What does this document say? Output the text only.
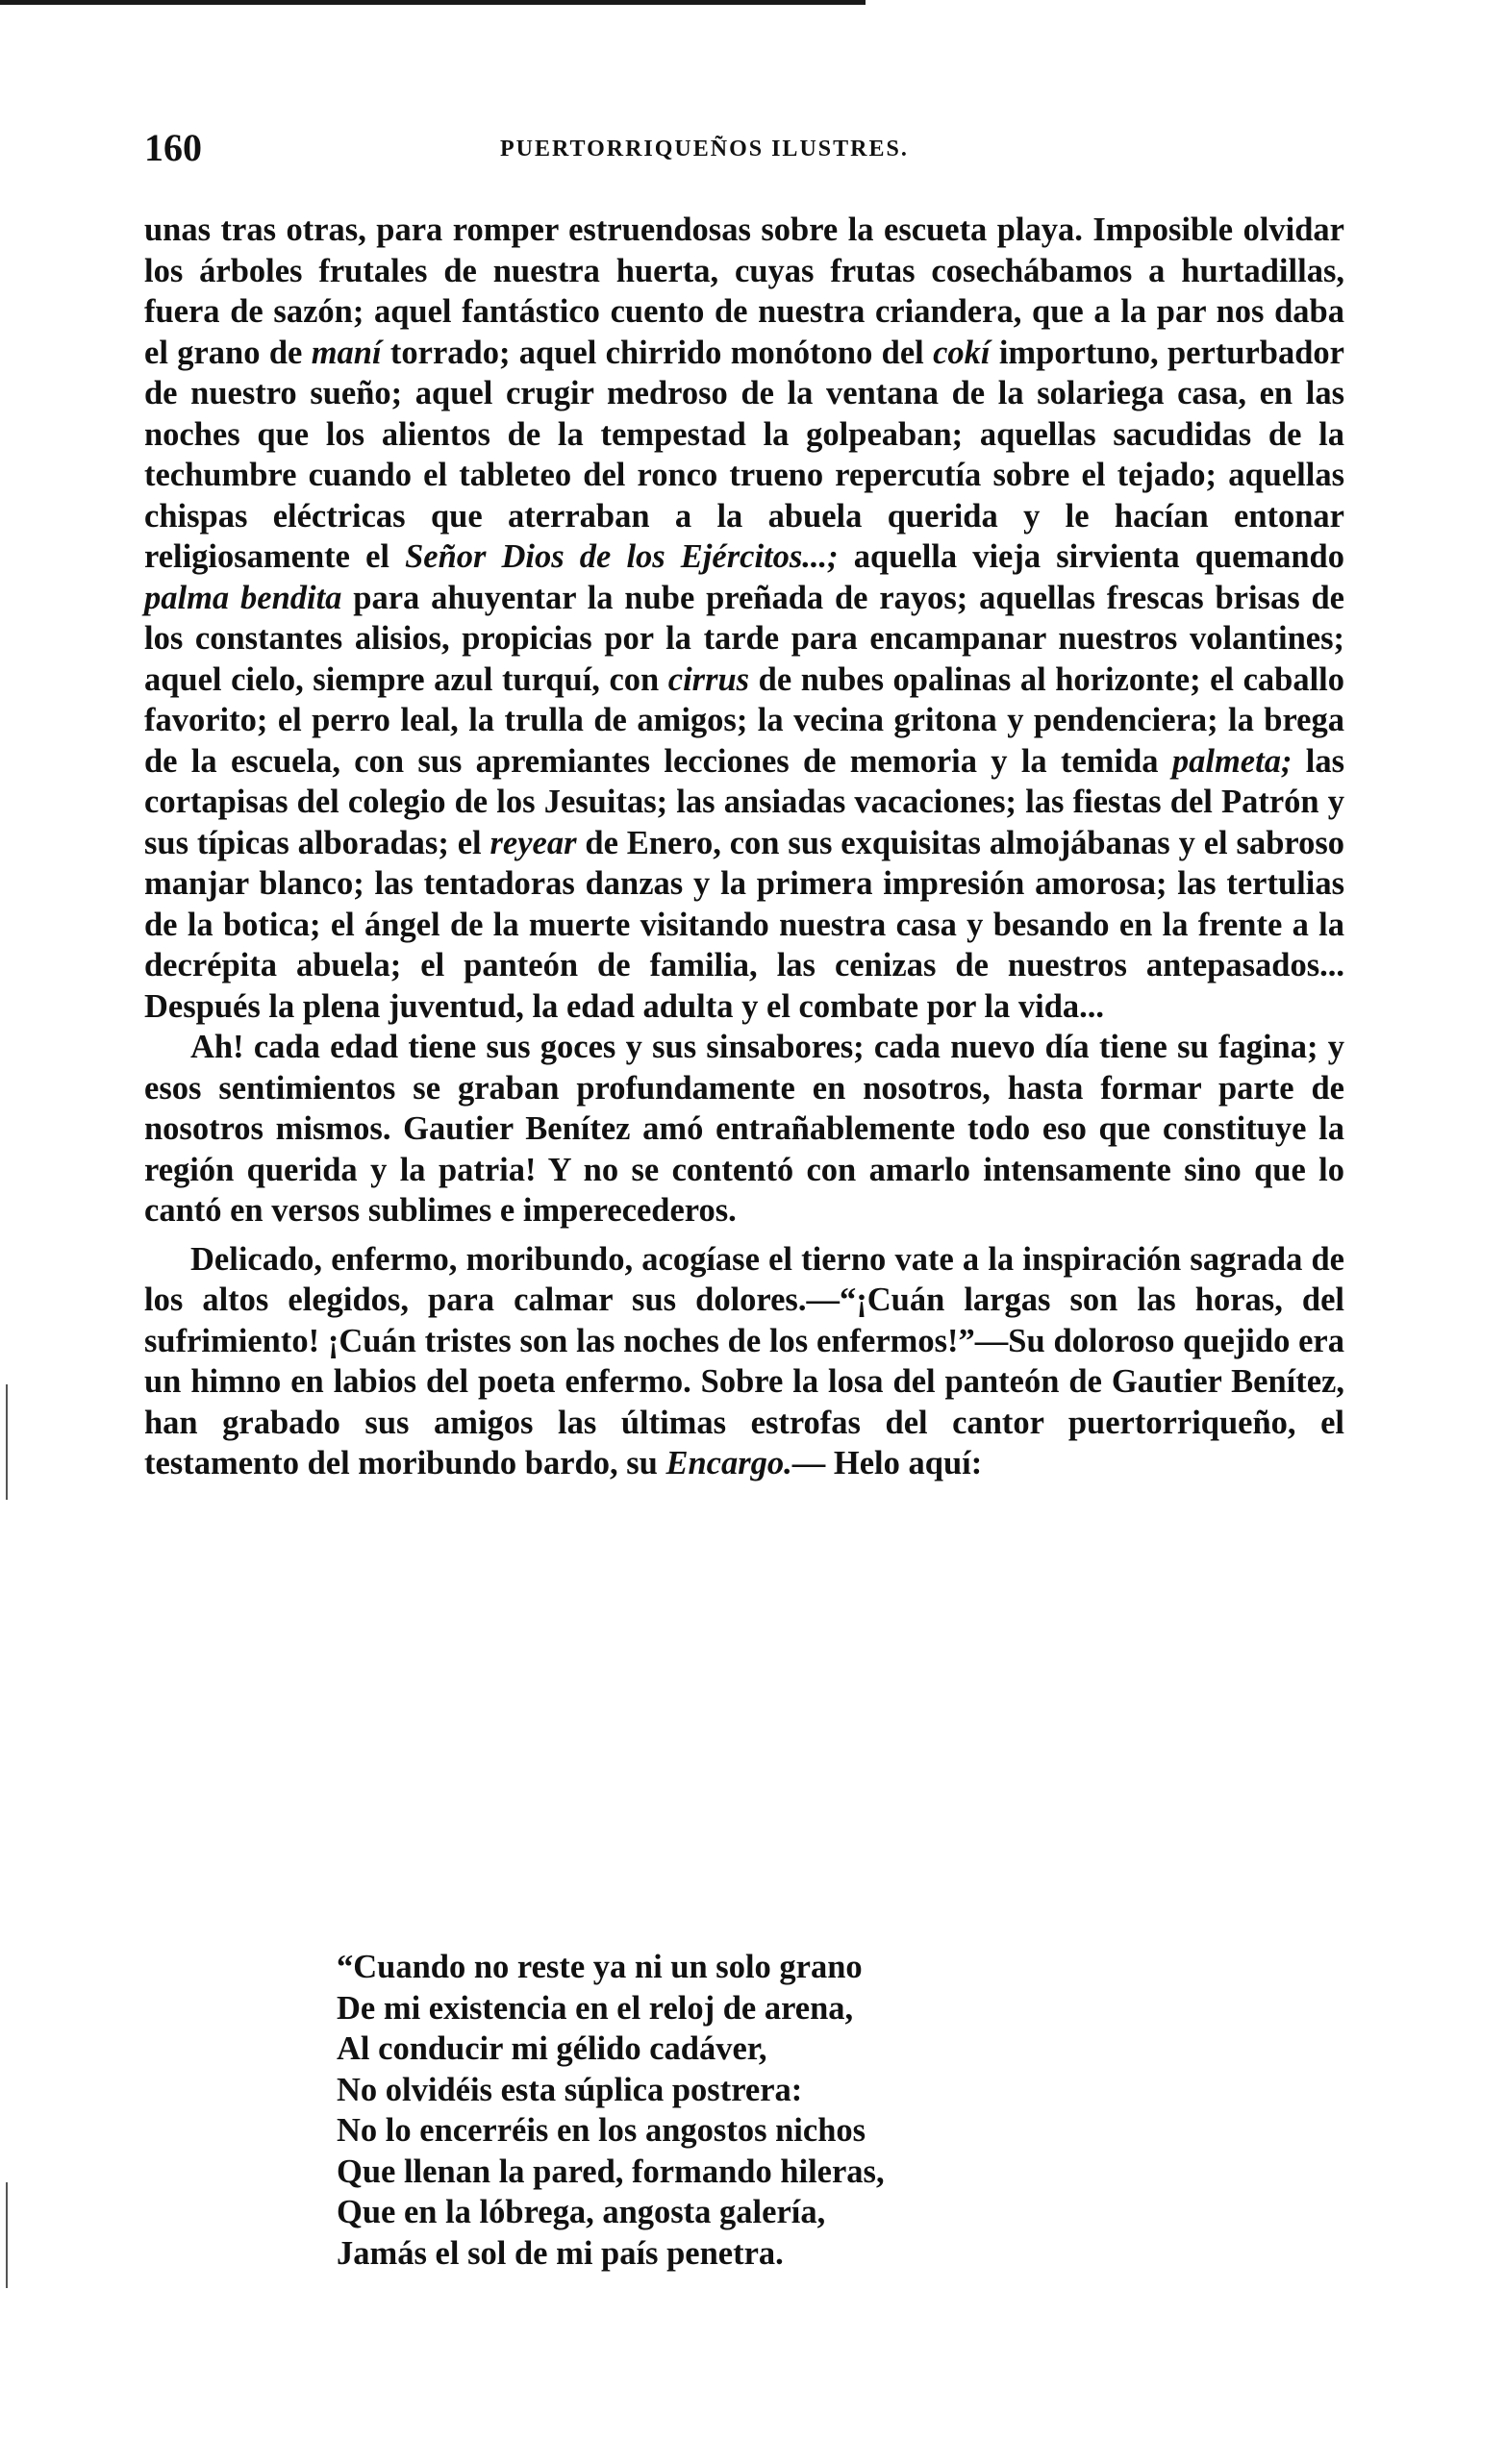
160	PUERTORRIQUEÑOS ILUSTRES.

unas tras otras, para romper estruendosas sobre la escueta playa. Imposible olvidar los árboles frutales de nuestra huerta, cuyas frutas cosechábamos a hurtadillas, fuera de sazón; aquel fantástico cuento de nuestra criandera, que a la par nos daba el grano de maní torrado; aquel chirrido monótono del cokí importuno, perturbador de nuestro sueño; aquel crugir medroso de la ventana de la solariega casa, en las noches que los alientos de la tempestad la golpeaban; aquellas sacudidas de la techumbre cuando el tableteo del ronco trueno repercutía sobre el tejado; aquellas chispas eléctricas que aterraban a la abuela querida y le hacían entonar religiosamente el Señor Dios de los Ejércitos...; aquella vieja sirvienta quemando palma bendita para ahuyentar la nube preñada de rayos; aquellas frescas brisas de los constantes alisios, propicias por la tarde para encampanar nuestros volantines; aquel cielo, siempre azul turquí, con cirrus de nubes opalinas al horizonte; el caballo favorito; el perro leal, la trulla de amigos; la vecina gritona y pendenciera; la brega de la escuela, con sus apremiantes lecciones de memoria y la temida palmeta; las cortapisas del colegio de los Jesuitas; las ansiadas vacaciones; las fiestas del Patrón y sus típicas alboradas; el reyear de Enero, con sus exquisitas almojábanas y el sabroso manjar blanco; las tentadoras danzas y la primera impresión amorosa; las tertulias de la botica; el ángel de la muerte visitando nuestra casa y besando en la frente a la decrépita abuela; el panteón de familia, las cenizas de nuestros antepasados... Después la plena juventud, la edad adulta y el combate por la vida...

Ah! cada edad tiene sus goces y sus sinsabores; cada nuevo día tiene su fagina; y esos sentimientos se graban profundamente en nosotros, hasta formar parte de nosotros mismos. Gautier Benítez amó entrañablemente todo eso que constituye la región querida y la patria! Y no se contentó con amarlo intensamente sino que lo cantó en versos sublimes e imperecederos.

Delicado, enfermo, moribundo, acogíase el tierno vate a la inspiración sagrada de los altos elegidos, para calmar sus dolores.—“¡Cuán largas son las horas, del sufrimiento! ¡Cuán tristes son las noches de los enfermos!”—Su doloroso quejido era un himno en labios del poeta enfermo. Sobre la losa del panteón de Gautier Benítez, han grabado sus amigos las últimas estrofas del cantor puertorriqueño, el testamento del moribundo bardo, su Encargo.— Helo aquí:

“Cuando no reste ya ni un solo grano
De mi existencia en el reloj de arena,
Al conducir mi gélido cadáver,
No olvidéis esta súplica postrera:
No lo encerréis en los angostos nichos
Que llenan la pared, formando hileras,
Que en la lóbrega, angosta galería,
Jamás el sol de mi país penetra.
